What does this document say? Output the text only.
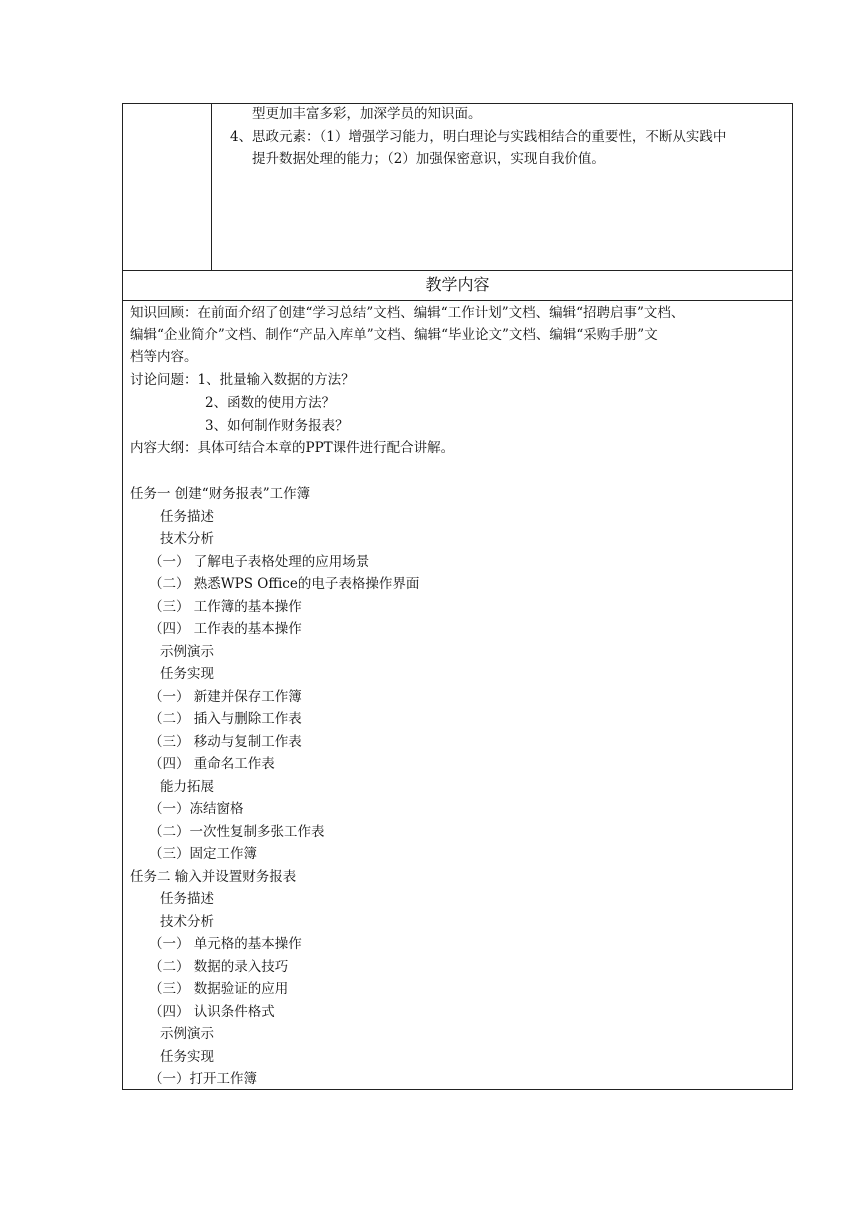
型更加丰富多彩，加深学员的知识面。
4、 思政元素：（1）增强学习能力，明白理论与实践相结合的重要性，不断从实践中
提升数据处理的能力；（2）加强保密意识，实现自我价值。
教学内容
知识回顾：在前面介绍了创建“学习总结”文档、编辑“工作计划”文档、编辑“招聘启事”文档、
编辑“企业简介”文档、制作“产品入库单”文档、编辑“毕业论文”文档、编辑“采购手册”文
档等内容。
讨论问题：1、批量输入数据的方法？
2、函数的使用方法？
3、如何制作财务报表？
内容大纲：具体可结合本章的PPT课件进行配合讲解。
任务一 创建“财务报表”工作簿
任务描述
技术分析
（一） 了解电子表格处理的应用场景
（二） 熟悉WPS Office的电子表格操作界面
（三） 工作簿的基本操作
（四） 工作表的基本操作
示例演示
任务实现
（一） 新建并保存工作簿
（二） 插入与删除工作表
（三） 移动与复制工作表
（四） 重命名工作表
能力拓展
（一）冻结窗格
（二）一次性复制多张工作表
（三）固定工作簿
任务二 输入并设置财务报表
任务描述
技术分析
（一） 单元格的基本操作
（二） 数据的录入技巧
（三） 数据验证的应用
（四） 认识条件格式
示例演示
任务实现
（一）打开工作簿
